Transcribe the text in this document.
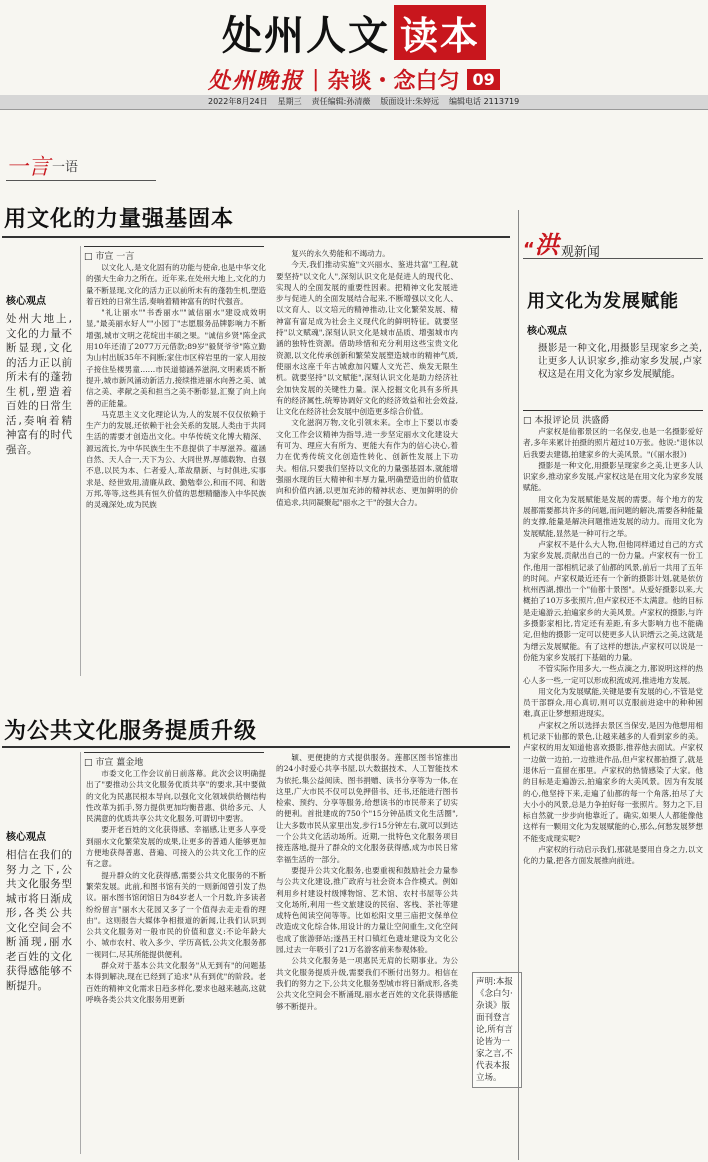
处州人文 读本
处州晚报 | 杂谈・念白匀 09
2022年8月24日 星期三 责任编辑:孙清薇 版面设计:朱婷远 编辑电话 2113719
一言 一语
用文化的力量强基固本
□ 市宣 一言
核心观点
处州大地上,文化的力量不断显现,文化的活力正以前所未有的蓬勃生机,塑造着百姓的日常生活,奏响着精神富有的时代强音。

以文化人,是文化固有的功能与使命,也是中华文化的强大生命力之所在。近年来,在处州大地上,文化的力量不断显现,文化的活力正以前所未有的蓬勃生机,塑造着百姓的日常生活,奏响着精神富有的时代强音。

"礼让丽水""书香丽水""诚信丽水"建设成效明显,"最美丽水好人""小园丁"志愿服务品牌影响力不断增强,城市文明之花绽出丰硕之果。"诚信乡贤"陈金武用10年还清了2077万元借款;89岁"毅贤爷爷"陈立勤为山村出版35年不间断;家住市区梓岩里的一家人用按子接住坠楼男童……市民道德涵养滋润,文明素质不断提升,城市新风涌动新活力,接续推进丽水向善之美、诚信之美、孝献之美和担当之美不断彰显,汇聚了向上向善的正能量。

马克思主义文化理论认为,人的发展不仅仅依赖于生产力的发展,还依赖于社会关系的发展,人类由于共同生活的需要才创造出文化。中华传统文化博大精深、源远流长,为中华民族生生不息提供了丰厚滋养。蕴涵自然、天人合一,天下为公、大同世界,厚德载物、自强不息,以民为本、仁者爱人,革故鼎新、与时俱进,实事求是、经世致用,清廉从政、勤勉奉公,和而不同、和谐万邦,等等,这些具有恒久价值的思想精髓渗入中华民族的灵魂深处,成为民族

复兴的永久势能和不竭动力。

今天,我们推动实施"文兴丽水、鉴进共富"工程,就要坚持"以文化人",深刻认识文化是促进人的现代化、实现人的全面发展的重要性因素。把精神文化发展进步与促进人的全面发展结合起来,不断增强以文化人、以文育人、以文培元的精神推动,让文化繁荣发展、精神富有富足成为社会主义现代化的鲜明特征。就要坚持"以文赋魂",深刻认识文化是城市品质、增强城市内涵的独特性资源。借助珍惜和充分利用这些宝贵文化资源,以文化传承创新和繁荣发展塑造城市的精神气质,使丽水这座千年古城愈加闪耀人文光芒、焕发无限生机。就要坚持"以文赋能",深刻认识文化是助力经济社会加快发展的关键性力量。深入挖掘文化具有多所具有的经济属性,统筹协调好文化的经济效益和社会效益,让文化在经济社会发展中创造更多综合价值。

文化滋润万物,文化引领未来。全市上下要以市委文化工作会议精神为指导,进一步坚定丽水文化建设大有可为、理应大有所为、更能大有作为的信心决心,着力在优秀传统文化创造性转化、创新性发展上下功夫。相信,只要我们坚持以文化的力量强基固本,就能增强丽水现的巨大精神和丰厚力量,明确塑造出的价值取向和价值内涵,以更加充沛的精神状态、更加鲜明的价值追求,共同凝聚起"丽水之干"的强大合力。

为公共文化服务提质升级
□ 市宣 薑金地
核心观点
相信在我们的努力之下,公共文化服务型城市将日渐成形,各类公共文化空间会不断涌现,丽水老百姓的文化获得感能够不断提升。

市委文化工作会议前日前落幕。此次会议明确提出了"要推动公共文化服务优质共享"的要求,其中要做的文化为民惠民根本导向,以强化文化领域供给侧结构性改革为抓手,努力提供更加均衡普惠、供给多元、人民满意的优质共享公共文化服务,可谓切中要害。

要开老百姓的文化获得感、幸福感,让更多人享受到丽水文化繁荣发展的成果,让更多的普通人能够更加方便地获得普惠、普遍、可接入的公共文化工作的应有之意。

提升群众的文化获得感,需要公共文化服务的不断繁荣发展。此前,和图书馆有关的一则新闻曾引发了热议。丽水图书馆闭馆日为84岁老人一个月数,许多读者纷纷留言"丽水大花园又多了一个值得去走走看的理由"。这则报告大媒体争相报道的新闻,让我们认识到公共文化服务对一般市民的价值和意义:不论年龄大小、城市农村、收入多少、学历高低,公共文化服务都一视同仁,尽其所能提供便利。

群众对于基本公共文化服务"从无到有"的问题基本得到解决,现在已经到了追求"从有到优"的阶段。老百姓的精神文化需求日趋多样化,要求也越来越高,这就呼唤各类公共文化服务用更新

颖、更便捷的方式提供服务。莲都区图书馆推出的24小时爱心共享书屋,以大数据技术、人工智能技术为依托,集公益阅读、图书捐赠、读书分享等为一体,在这里,广大市民不仅可以免押借书、还书,还能进行图书检索、预约、分享等服务,给想读书的市民带来了切实的便利。首批建成的750个"15分钟品质文化生活圈",让大多数市民从家里出发,步行15分钟左右,就可以到达一个公共文化活动场所。近期,一批特色文化服务项目接连落地,提升了群众的文化服务获得感,成为市民日常幸福生活的一部分。

要提升公共文化服务,也要重视和鼓励社会力量参与公共文化建设,推广政府与社会资本合作模式。例如利用乡村建设村级博物馆、艺术馆、农村书屋等公共文化场所,利用一些文旅建设的民宿、客栈、茶社等建成特色阅读空间等等。比如松阳文里三庙把文保单位改造成文化综合体,用设计的力量让空间重生,文化空间也成了旅游驿站;遂昌王村口镇红色遗址建设为文化公园,过去一年吸引了21万名游客前来参观体验。

公共文化服务是一项惠民无肩的长期事业。为公共文化服务提质升级,需要我们不断付出努力。相信在我们的努力之下,公共文化服务型城市将日渐成形,各类公共文化空间会不断涌现,丽水老百姓的文化获得感能够不断提升。

声明:本报《念白匀·杂谈》版面刊登言论,所有言论皆为一家之言,不代表本报立场。
“ 洪 观新闻
用文化为发展赋能
核心观点
摄影是一种文化,用摄影呈现家乡之美,让更多人认识家乡,推动家乡发展,卢家权这是在用文化为家乡发展赋能。
□ 本报评论员 洪盛爵

卢家权是仙都景区的一名保安,也是一名摄影爱好者,多年来累计拍摄的照片超过10万张。他说:"退休以后我要去建德,拍建家乡的大美风景。"(《丽水报》)

摄影是一种文化,用摄影呈现家乡之美,让更多人认识家乡,推动家乡发展,卢家权这是在用文化为家乡发展赋能。

用文化为发展赋能是发展的需要。每个地方的发展都需要都共许多的问题,而问题的解决,需要各种能量的支撑,能量是解决问题推进发展的动力。而用文化为发展赋能,显然是一种可行之举。

卢家权不是什么大人物,但他同样通过自己的方式为家乡发展,贡献出自己的一份力量。卢家权有一份工作,他用一部相机记录了仙都的风景,前后一共用了五年的时间。卢家权最近还有一个新的摄影计划,就是依仿杭州西湖,擦出一个"仙都十景图"。从爱好摄影以来,大概拍了10万多张照片,但卢家权还不太满意。他的目标是走遍游云,拍遍家乡的大美风景。卢家权的摄影,与许多摄影家相比,肯定还有差距,有多大影响力也不能确定,但他的摄影一定可以使更多人认识缙云之美,这就是为缙云发展赋能。有了这样的想法,卢家权可以说是一份能为家乡发展打下基础的力量。

不管实际作用多大,一些点滴之力,都说明这样的热心人多一些,一定可以形成积流成河,推进地方发展。

用文化为发展赋能,关键是要有发展的心,不管是党员干部群众,用心真切,则可以克服前进途中的种种困难,真正让梦想照进现实。

卢家权之所以选择去景区当保安,是因为他想用相机记录下仙都的景色,让越来越多的人看到家乡的美。卢家权的用友知道他喜欢摄影,推荐他去面试。卢家权一边做一边拍,一边推进作品,但卢家权都拍摄了,就是退休后一直留在那里。卢家权的热情感染了大家。他的目标是走遍游云,拍遍家乡的大美风景。因为有发展的心,他坚持下来,走遍了仙都的每一个角落,拍尽了大大小小的风景,总是力争拍好每一张照片。努力之下,目标自然就一步步向他靠近了。确实,如果人人都能像他这样有一颗用文化为发展赋能的心,那么,何愁发展梦想不能变成现实呢?

卢家权的行动启示我们,那就是要用自身之力,以文化的力量,把各方面发展推向前进。
